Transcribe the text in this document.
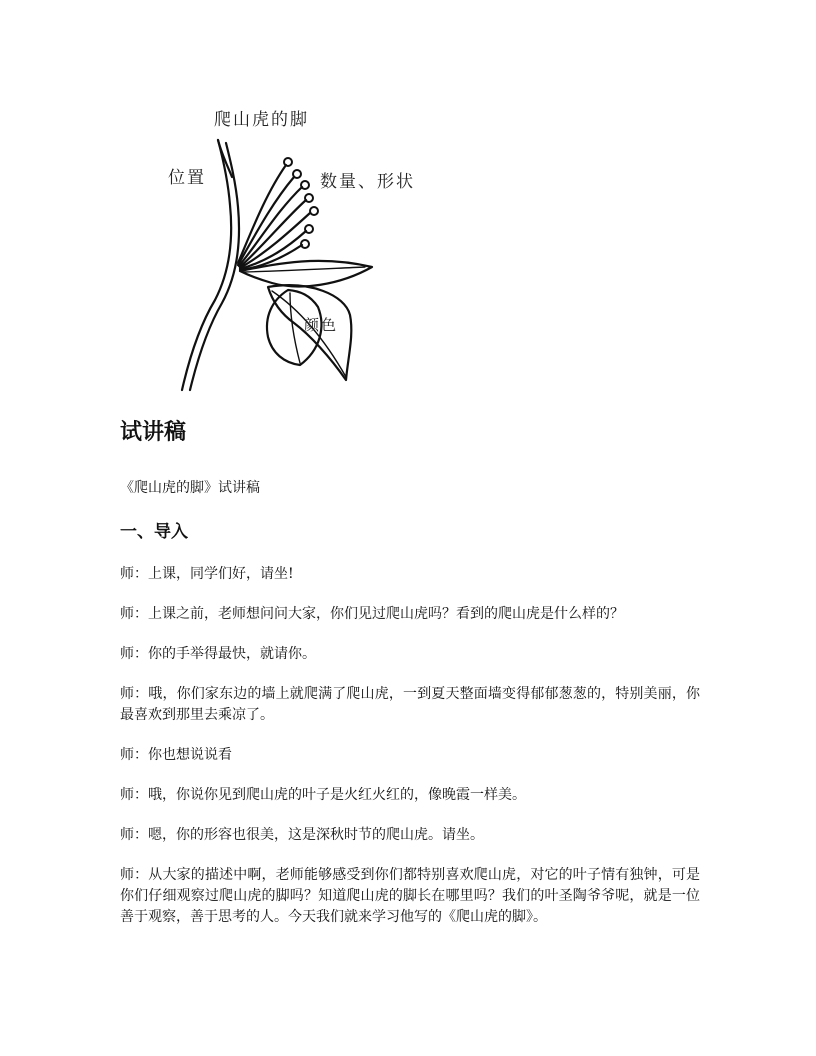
爬山虎的脚
位置	数量、形状
颜色
试讲稿
《爬山虎的脚》试讲稿
一、导入

师：上课，同学们好，请坐!

师：上课之前，老师想问问大家，你们见过爬山虎吗？看到的爬山虎是什么样的？

师：你的手举得最快，就请你。

师：哦，你们家东边的墙上就爬满了爬山虎，一到夏天整面墙变得郁郁葱葱的，特别美丽，你最喜欢到那里去乘凉了。

师：你也想说说看

师：哦，你说你见到爬山虎的叶子是火红火红的，像晚霞一样美。

师：嗯，你的形容也很美，这是深秋时节的爬山虎。请坐。

师：从大家的描述中啊，老师能够感受到你们都特别喜欢爬山虎，对它的叶子情有独钟，可是你们仔细观察过爬山虎的脚吗？知道爬山虎的脚长在哪里吗？我们的叶圣陶爷爷呢，就是一位善于观察，善于思考的人。今天我们就来学习他写的《爬山虎的脚》。
